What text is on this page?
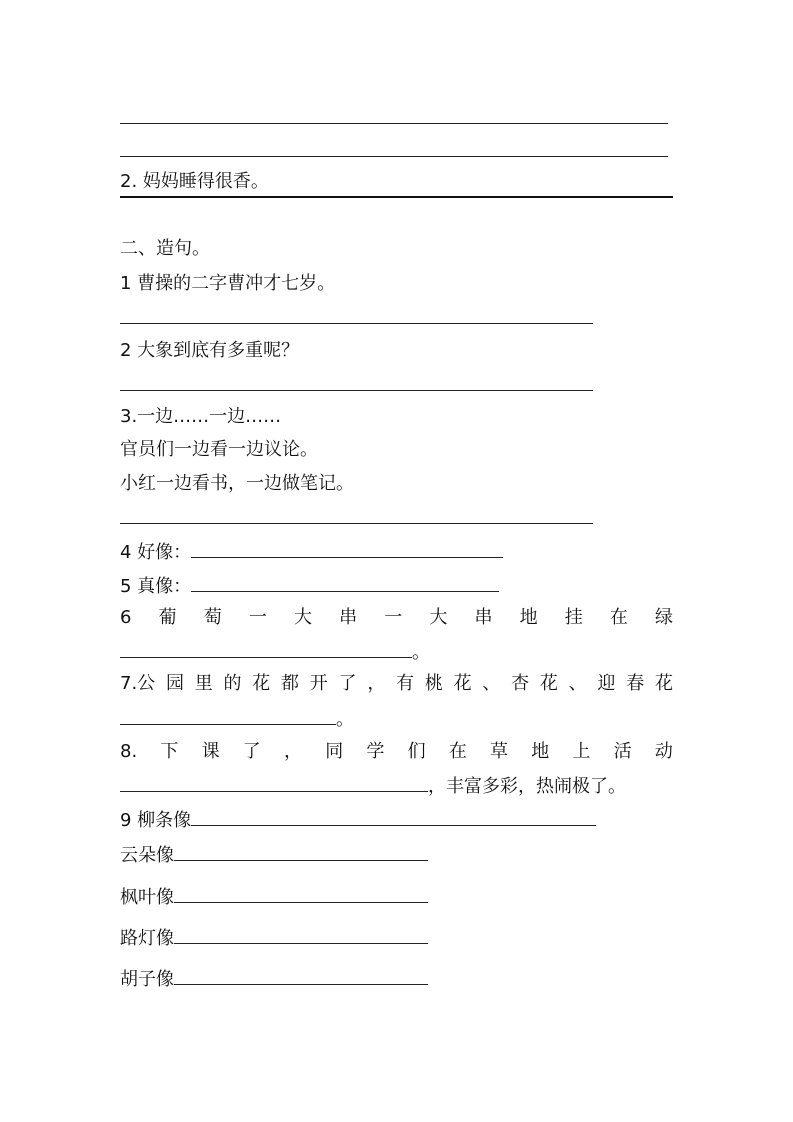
2. 妈妈睡得很香。
二、造句。
1 曹操的二字曹冲才七岁。
2 大象到底有多重呢？
3.一边……一边……
官员们一边看一边议论。
小红一边看书，一边做笔记。
4 好像：
5 真像：
6 葡 萄 一 大 串 一 大 串 地 挂 在 绿
。
7.公 园 里 的 花 都 开 了 ， 有 桃 花 、 杏 花 、 迎 春 花
。
8. 下 课 了 ， 同 学 们 在 草 地 上 活 动
，丰富多彩，热闹极了。
9 柳条像
云朵像
枫叶像
路灯像
胡子像
